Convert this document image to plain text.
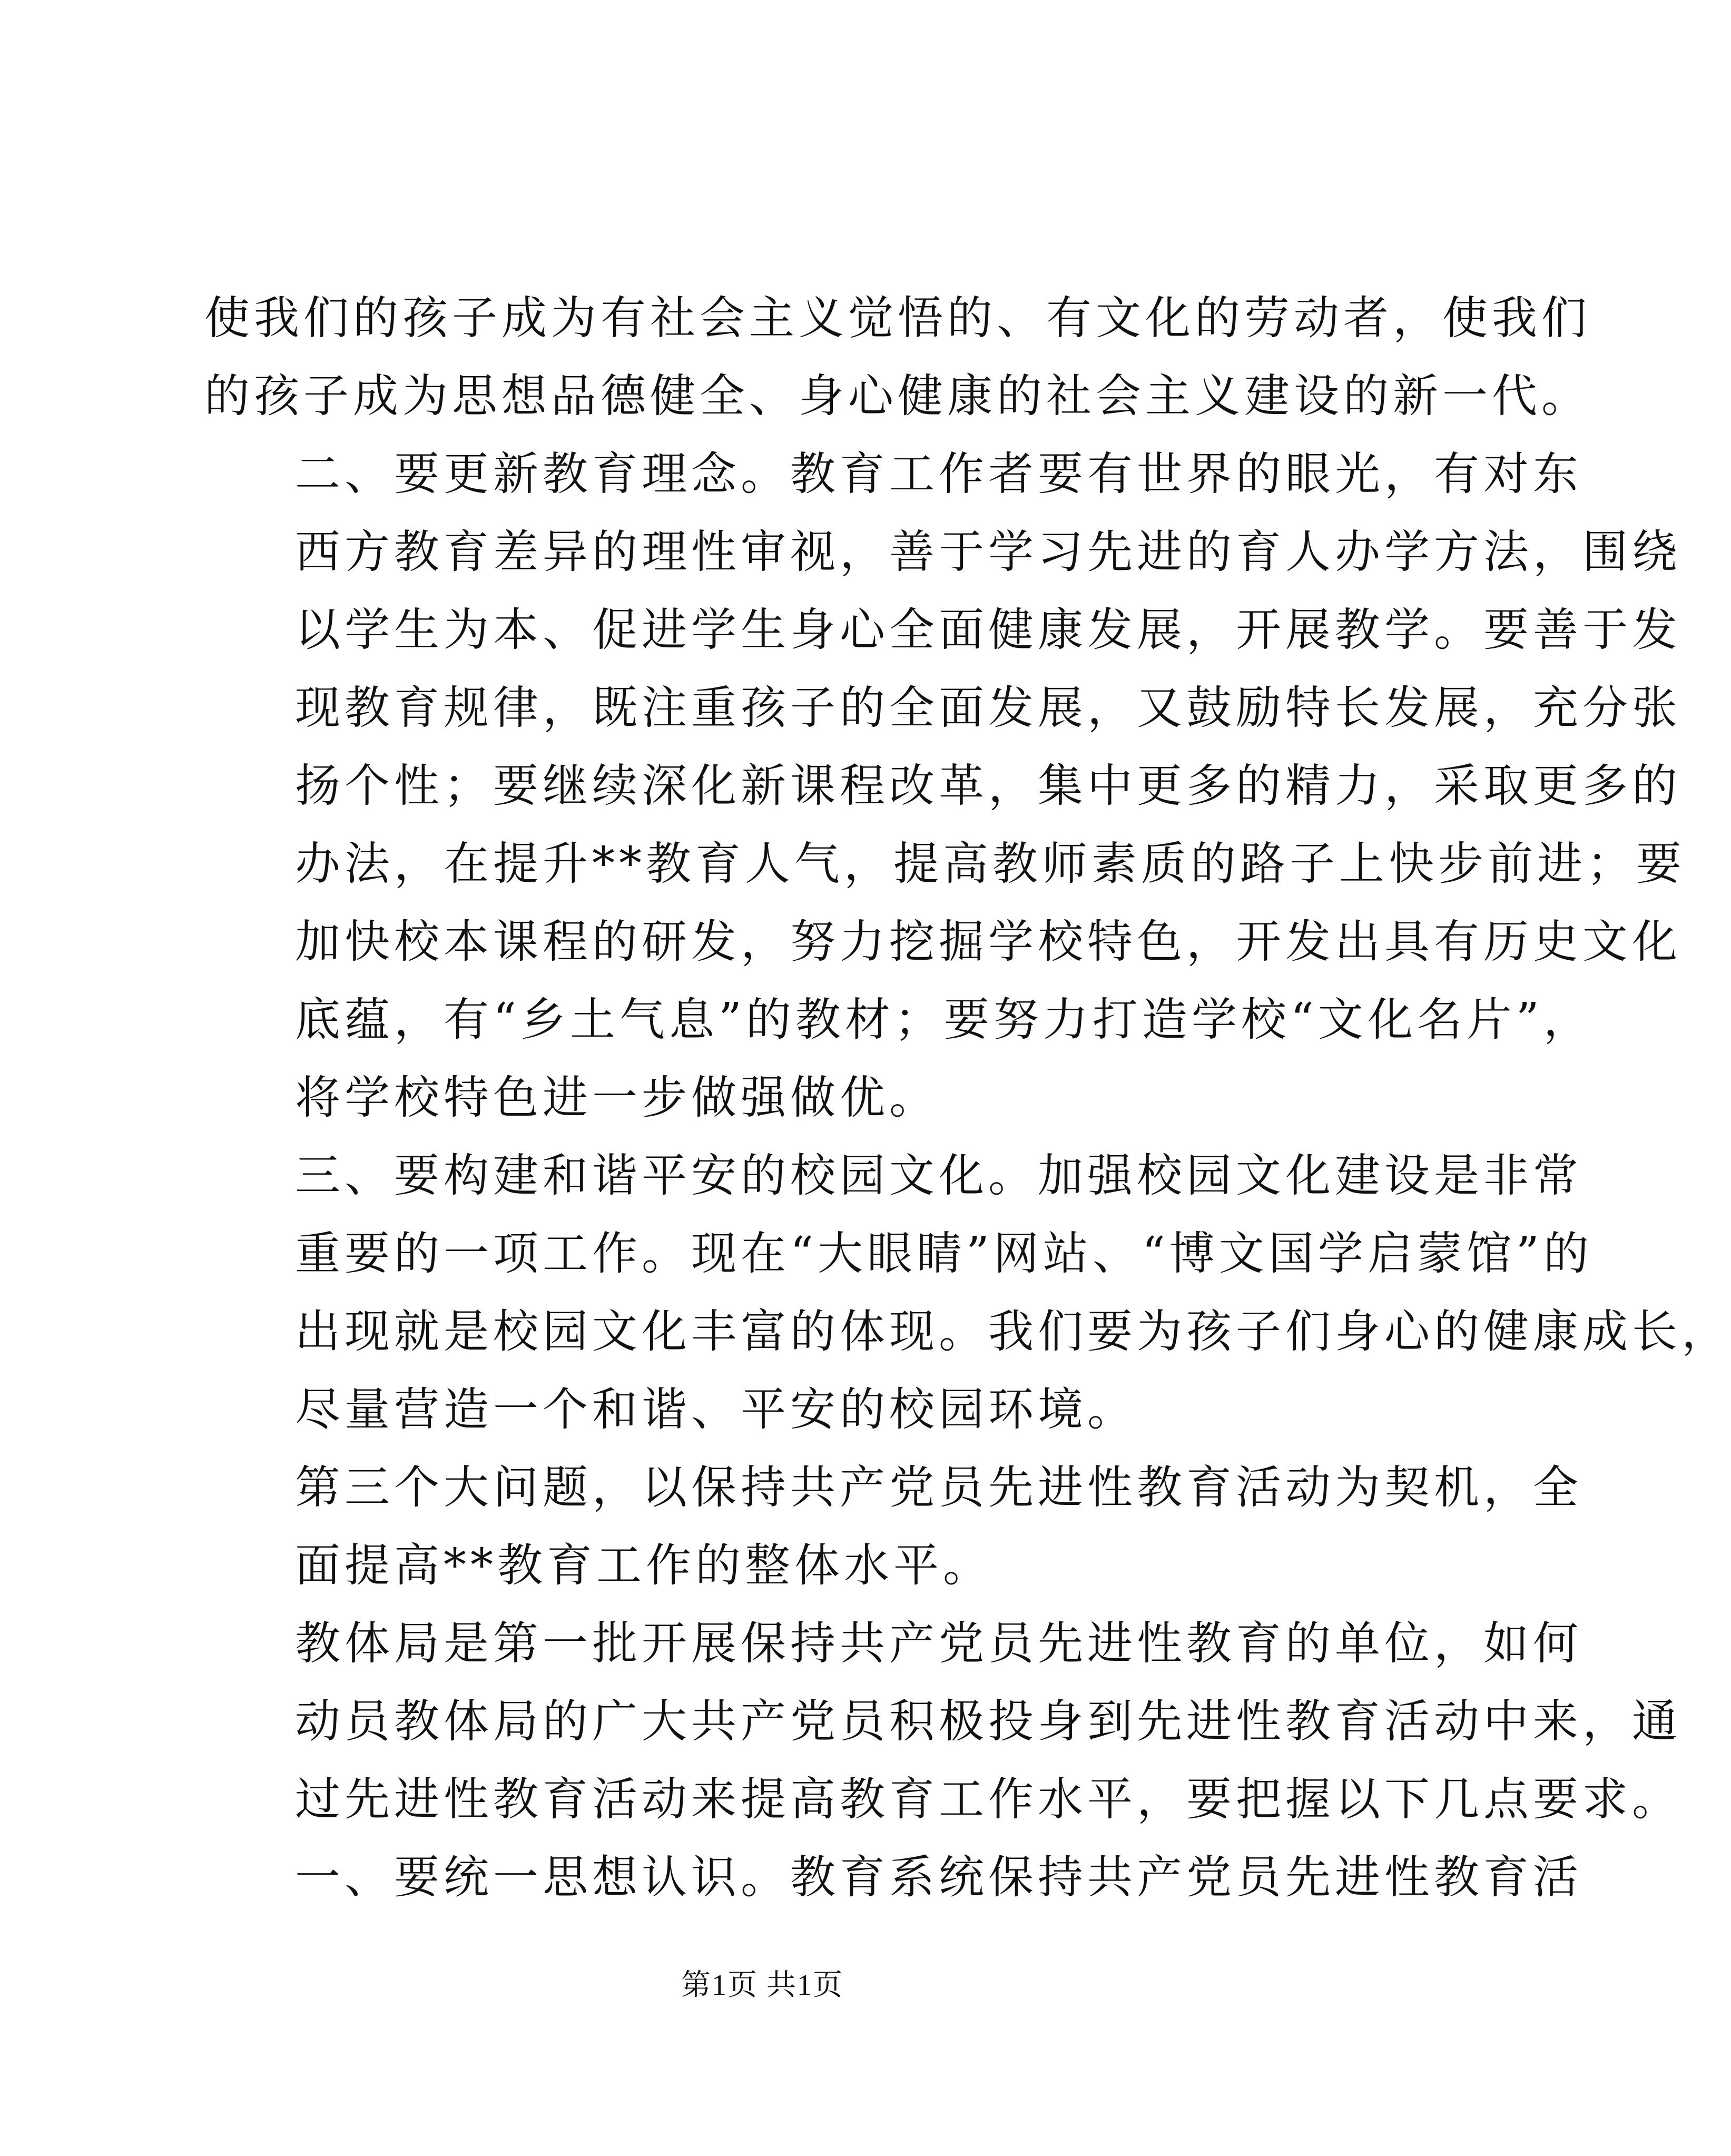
使我们的孩子成为有社会主义觉悟的、有文化的劳动者，使我们
的孩子成为思想品德健全、身心健康的社会主义建设的新一代。

二、要更新教育理念。教育工作者要有世界的眼光，有对东
西方教育差异的理性审视，善于学习先进的育人办学方法，围绕
以学生为本、促进学生身心全面健康发展，开展教学。要善于发
现教育规律，既注重孩子的全面发展，又鼓励特长发展，充分张
扬个性；要继续深化新课程改革，集中更多的精力，采取更多的
办法，在提升**教育人气，提高教师素质的路子上快步前进；要
加快校本课程的研发，努力挖掘学校特色，开发出具有历史文化
底蕴，有“乡土气息”的教材；要努力打造学校“文化名片”，
将学校特色进一步做强做优。

三、要构建和谐平安的校园文化。加强校园文化建设是非常
重要的一项工作。现在“大眼睛”网站、“博文国学启蒙馆”的
出现就是校园文化丰富的体现。我们要为孩子们身心的健康成长，
尽量营造一个和谐、平安的校园环境。

第三个大问题，以保持共产党员先进性教育活动为契机，全
面提高**教育工作的整体水平。

教体局是第一批开展保持共产党员先进性教育的单位，如何
动员教体局的广大共产党员积极投身到先进性教育活动中来，通
过先进性教育活动来提高教育工作水平，要把握以下几点要求。

一、要统一思想认识。教育系统保持共产党员先进性教育活

第1页 共1页
